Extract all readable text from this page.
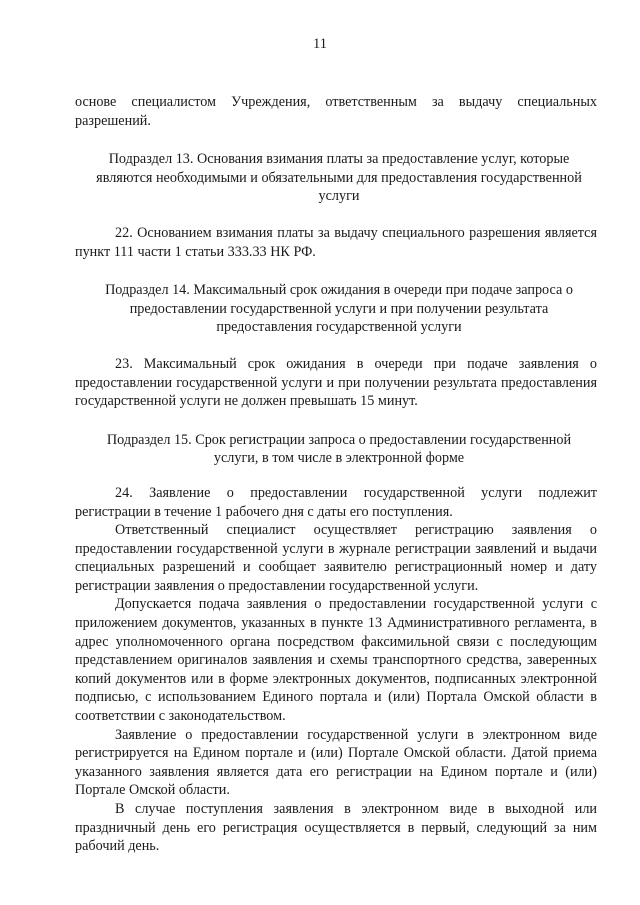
11

основе специалистом Учреждения, ответственным за выдачу специальных разрешений.

Подраздел 13. Основания взимания платы за предоставление услуг, которые являются необходимыми и обязательными для предоставления государственной услуги

22. Основанием взимания платы за выдачу специального разрешения является пункт 111 части 1 статьи 333.33 НК РФ.

Подраздел 14. Максимальный срок ожидания в очереди при подаче запроса о предоставлении государственной услуги и при получении результата предоставления государственной услуги

23. Максимальный срок ожидания в очереди при подаче заявления о предоставлении государственной услуги и при получении результата предоставления государственной услуги не должен превышать 15 минут.

Подраздел 15. Срок регистрации запроса о предоставлении государственной услуги, в том числе в электронной форме

24. Заявление о предоставлении государственной услуги подлежит регистрации в течение 1 рабочего дня с даты его поступления.

Ответственный специалист осуществляет регистрацию заявления о предоставлении государственной услуги в журнале регистрации заявлений и выдачи специальных разрешений и сообщает заявителю регистрационный номер и дату регистрации заявления о предоставлении государственной услуги.

Допускается подача заявления о предоставлении государственной услуги с приложением документов, указанных в пункте 13 Административного регламента, в адрес уполномоченного органа посредством факсимильной связи с последующим представлением оригиналов заявления и схемы транспортного средства, заверенных копий документов или в форме электронных документов, подписанных электронной подписью, с использованием Единого портала и (или) Портала Омской области в соответствии с законодательством.

Заявление о предоставлении государственной услуги в электронном виде регистрируется на Едином портале и (или) Портале Омской области. Датой приема указанного заявления является дата его регистрации на Едином портале и (или) Портале Омской области.

В случае поступления заявления в электронном виде в выходной или праздничный день его регистрация осуществляется в первый, следующий за ним рабочий день.
